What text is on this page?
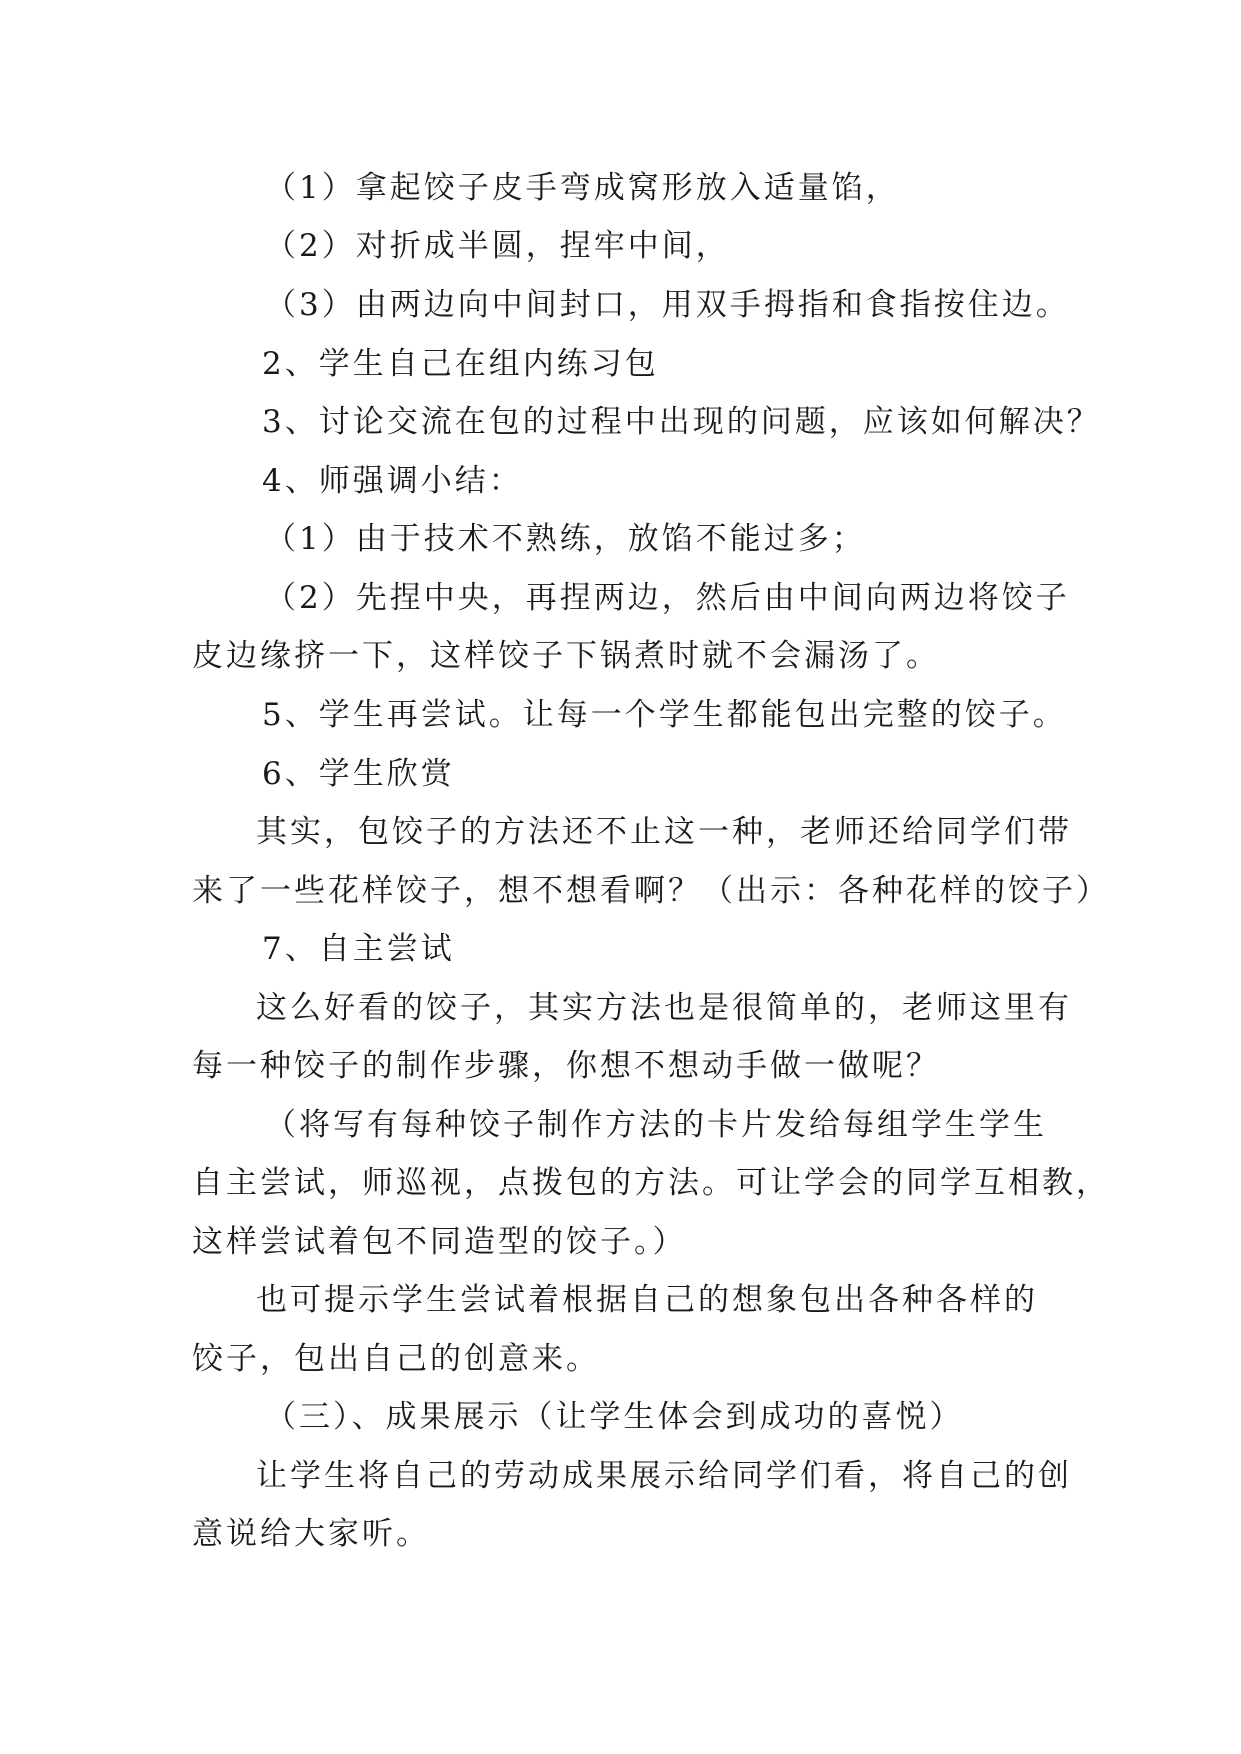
（1）拿起饺子皮手弯成窝形放入适量馅，
（2）对折成半圆，捏牢中间，
（3）由两边向中间封口，用双手拇指和食指按住边。
2、学生自己在组内练习包
3、讨论交流在包的过程中出现的问题，应该如何解决？
4、师强调小结：
（1）由于技术不熟练，放馅不能过多；
（2）先捏中央，再捏两边，然后由中间向两边将饺子
皮边缘挤一下，这样饺子下锅煮时就不会漏汤了。
5、学生再尝试。让每一个学生都能包出完整的饺子。
6、学生欣赏
其实，包饺子的方法还不止这一种，老师还给同学们带
来了一些花样饺子，想不想看啊？（出示：各种花样的饺子）
7、自主尝试
这么好看的饺子，其实方法也是很简单的，老师这里有
每一种饺子的制作步骤，你想不想动手做一做呢？
（将写有每种饺子制作方法的卡片发给每组学生学生
自主尝试，师巡视，点拨包的方法。可让学会的同学互相教，
这样尝试着包不同造型的饺子。）
也可提示学生尝试着根据自己的想象包出各种各样的
饺子，包出自己的创意来。
（三）、成果展示（让学生体会到成功的喜悦）
让学生将自己的劳动成果展示给同学们看，将自己的创
意说给大家听。
